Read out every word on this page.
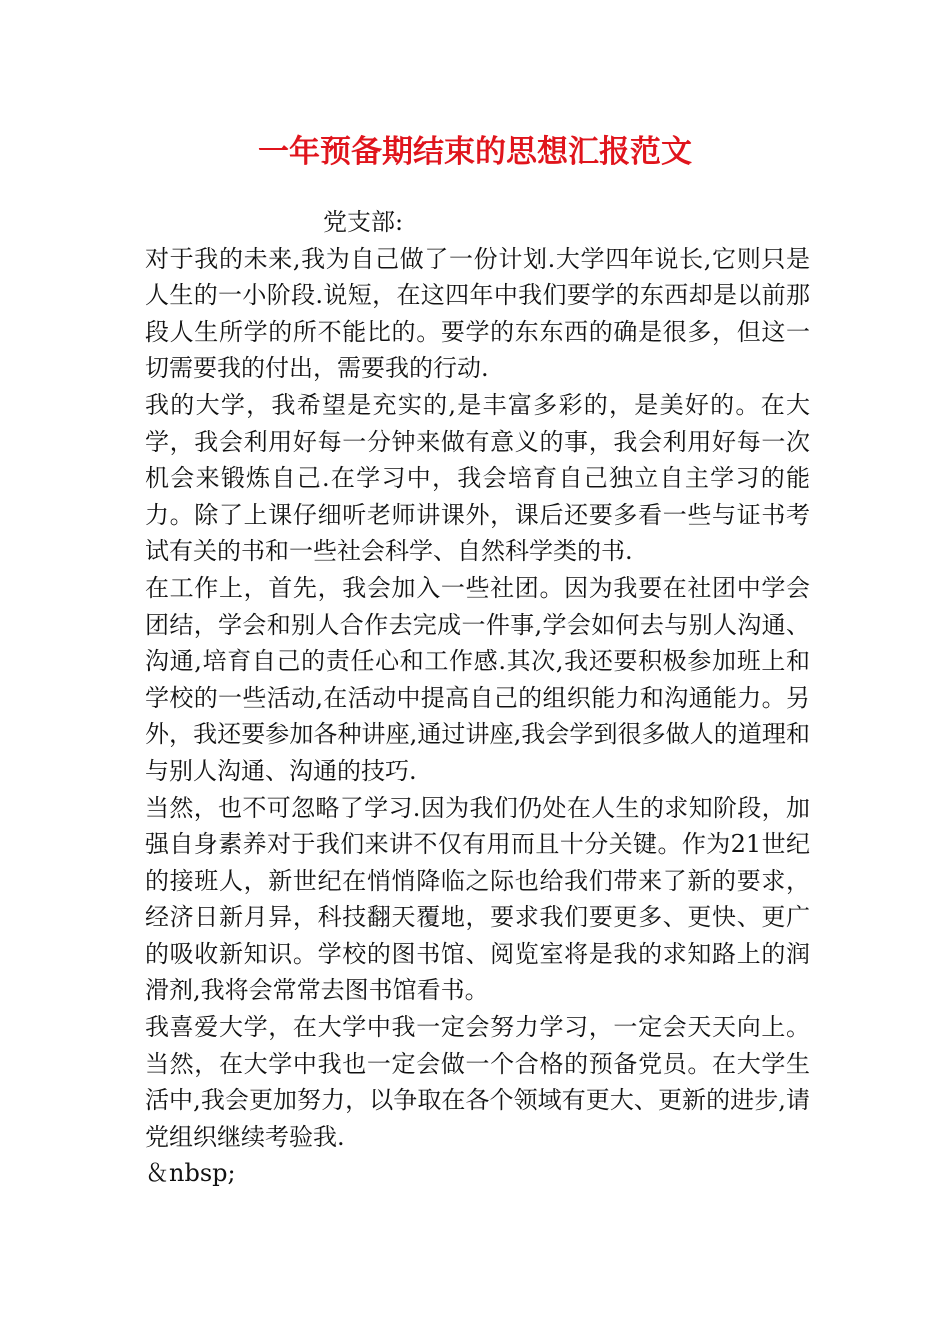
一年预备期结束的思想汇报范文

党支部:

对于我的未来,我为自己做了一份计划.大学四年说长,它则只是人生的一小阶段.说短，在这四年中我们要学的东西却是以前那段人生所学的所不能比的。要学的东东西的确是很多，但这一切需要我的付出，需要我的行动.

我的大学，我希望是充实的,是丰富多彩的，是美好的。在大学，我会利用好每一分钟来做有意义的事，我会利用好每一次机会来锻炼自己.在学习中，我会培育自己独立自主学习的能力。除了上课仔细听老师讲课外，课后还要多看一些与证书考试有关的书和一些社会科学、自然科学类的书.

在工作上，首先，我会加入一些社团。因为我要在社团中学会团结，学会和别人合作去完成一件事,学会如何去与别人沟通、沟通,培育自己的责任心和工作感.其次,我还要积极参加班上和学校的一些活动,在活动中提高自己的组织能力和沟通能力。另外，我还要参加各种讲座,通过讲座,我会学到很多做人的道理和与别人沟通、沟通的技巧.

当然，也不可忽略了学习.因为我们仍处在人生的求知阶段，加强自身素养对于我们来讲不仅有用而且十分关键。作为21世纪的接班人，新世纪在悄悄降临之际也给我们带来了新的要求，经济日新月异，科技翻天覆地，要求我们要更多、更快、更广的吸收新知识。学校的图书馆、阅览室将是我的求知路上的润滑剂,我将会常常去图书馆看书。

我喜爱大学，在大学中我一定会努力学习，一定会天天向上。当然，在大学中我也一定会做一个合格的预备党员。在大学生活中,我会更加努力，以争取在各个领域有更大、更新的进步,请党组织继续考验我.

＆nbsp;
